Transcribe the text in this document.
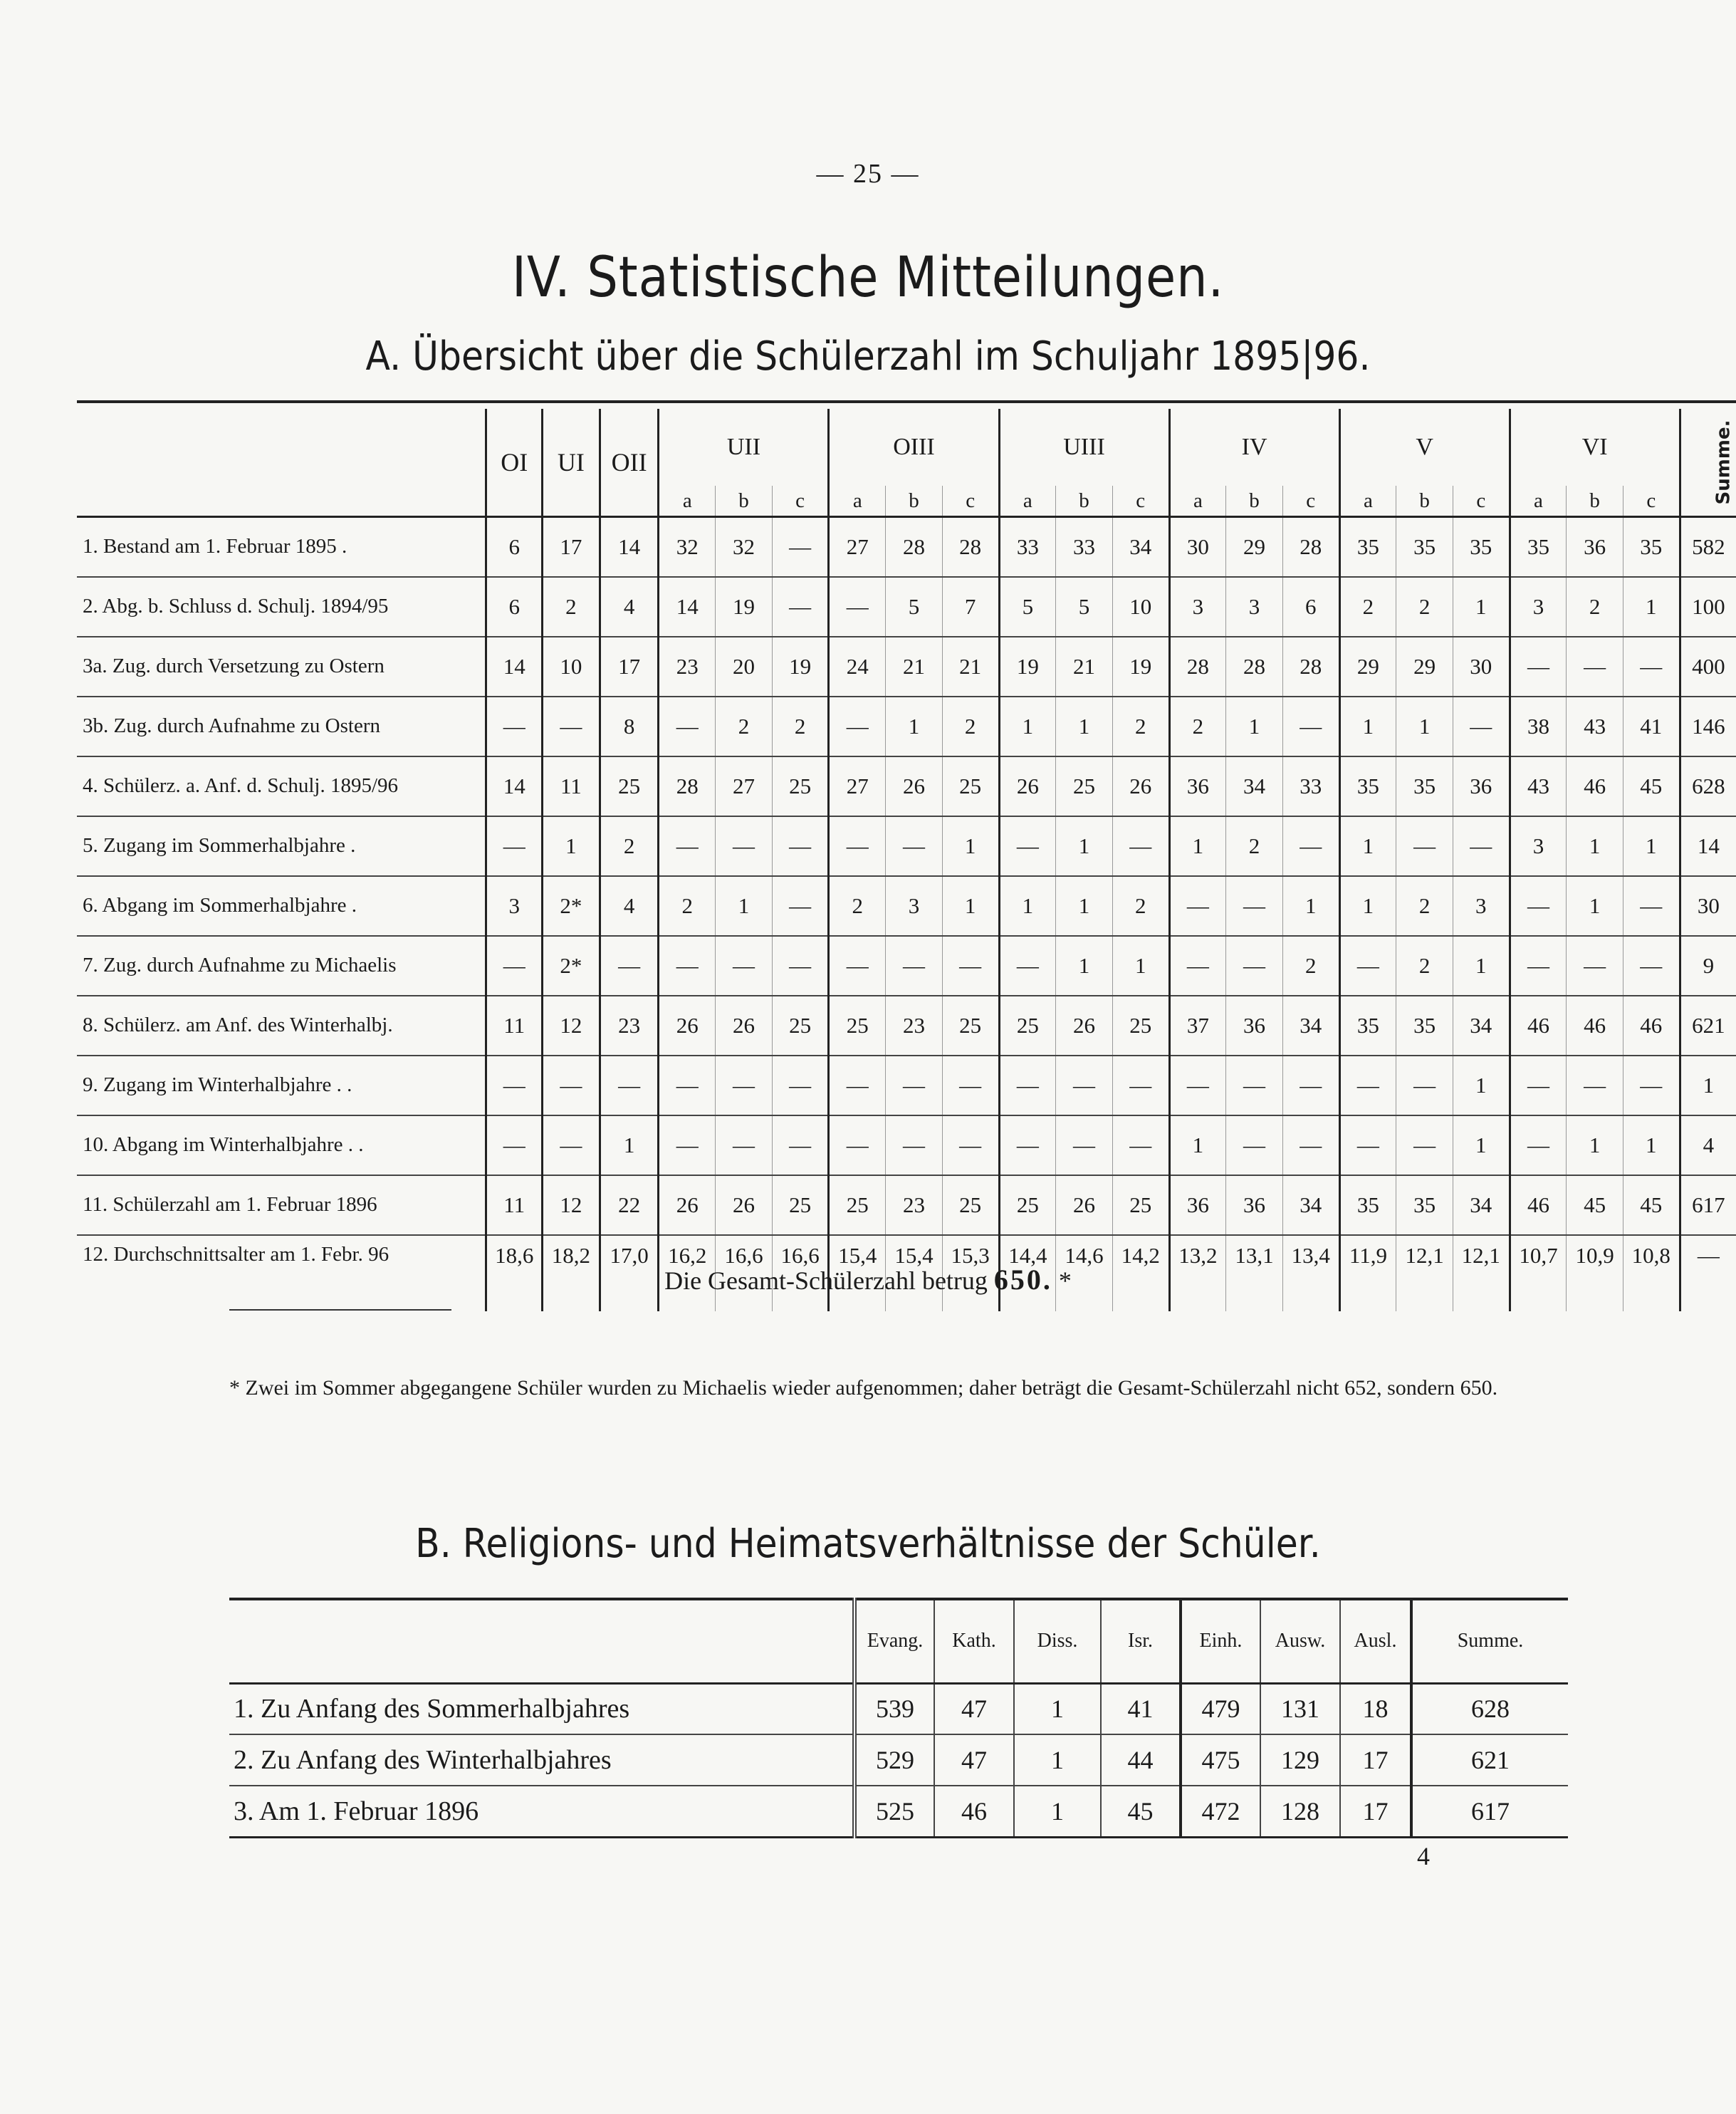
— 25 —
IV. Statistische Mitteilungen.
A. Übersicht über die Schülerzahl im Schuljahr 1895|96.
	OI	UI	OII	UII			OIII			UIII			IV			V			VI			Summe.
				a	b	c	a	b	c	a	b	c	a	b	c	a	b	c	a	b	c	
1. Bestand am 1. Februar 1895 .	6	17	14	32	32	—	27	28	28	33	33	34	30	29	28	35	35	35	35	36	35	582
2. Abg. b. Schluss d. Schulj. 1894/95	6	2	4	14	19	—	—	5	7	5	5	10	3	3	6	2	2	1	3	2	1	100
3a. Zug. durch Versetzung zu Ostern	14	10	17	23	20	19	24	21	21	19	21	19	28	28	28	29	29	30	—	—	—	400
3b. Zug. durch Aufnahme zu Ostern	—	—	8	—	2	2	—	1	2	1	1	2	2	1	—	1	1	—	38	43	41	146
4. Schülerz. a. Anf. d. Schulj. 1895/96	14	11	25	28	27	25	27	26	25	26	25	26	36	34	33	35	35	36	43	46	45	628
5. Zugang im Sommerhalbjahre .	—	1	2	—	—	—	—	—	1	—	1	—	1	2	—	1	—	—	3	1	1	14
6. Abgang im Sommerhalbjahre .	3	2*	4	2	1	—	2	3	1	1	1	2	—	—	1	1	2	3	—	1	—	30
7. Zug. durch Aufnahme zu Michaelis	—	2*	—	—	—	—	—	—	—	—	1	1	—	—	2	—	2	1	—	—	—	9
8. Schülerz. am Anf. des Winterhalbj.	11	12	23	26	26	25	25	23	25	25	26	25	37	36	34	35	35	34	46	46	46	621
9. Zugang im Winterhalbjahre . .	—	—	—	—	—	—	—	—	—	—	—	—	—	—	—	—	—	1	—	—	—	1
10. Abgang im Winterhalbjahre . .	—	—	1	—	—	—	—	—	—	—	—	—	1	—	—	—	—	1	—	1	1	4
11. Schülerzahl am 1. Februar 1896	11	12	22	26	26	25	25	23	25	25	26	25	36	36	34	35	35	34	46	45	45	617
12. Durchschnittsalter am 1. Febr. 96	18,6	18,2	17,0	16,2	16,6	16,6	15,4	15,4	15,3	14,4	14,6	14,2	13,2	13,1	13,4	11,9	12,1	12,1	10,7	10,9	10,8	—
Die Gesamt-Schülerzahl betrug 650. *
* Zwei im Sommer abgegangene Schüler wurden zu Michaelis wieder aufgenommen; daher beträgt die Gesamt-Schülerzahl nicht 652, sondern 650.
B. Religions- und Heimatsverhältnisse der Schüler.
	Evang.	Kath.	Diss.	Isr.	Einh.	Ausw.	Ausl.	Summe.
1. Zu Anfang des Sommerhalbjahres	539	47	1	41	479	131	18	628
2. Zu Anfang des Winterhalbjahres	529	47	1	44	475	129	17	621
3. Am 1. Februar 1896	525	46	1	45	472	128	17	617
4
